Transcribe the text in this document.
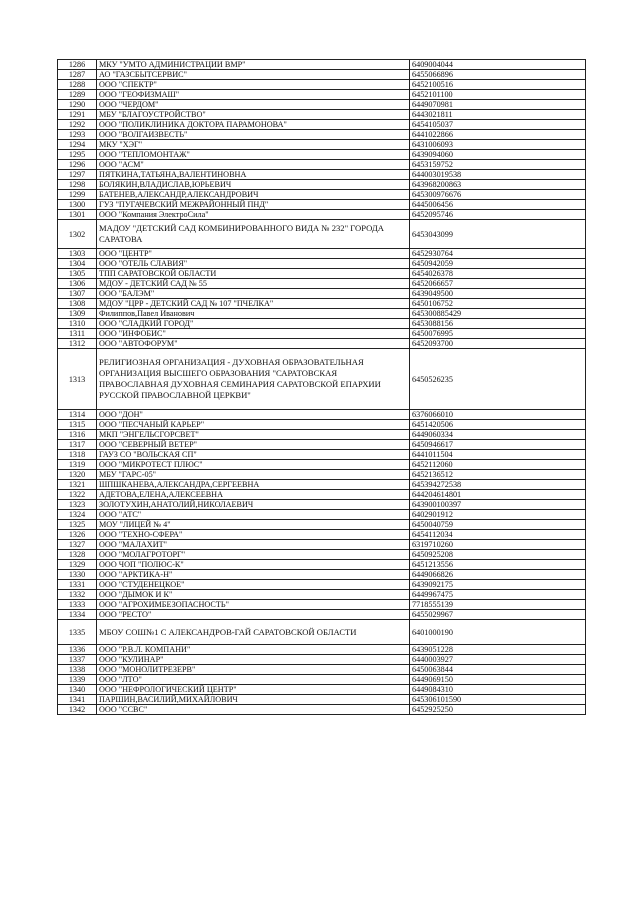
1286	МКУ "УМТО АДМИНИСТРАЦИИ ВМР"	6409004044
1287	АО "ГАЗСБЫТСЕРВИС"	6455066896
1288	ООО "СПЕКТР"	6452100516
1289	ООО "ГЕОФИЗМАШ"	6452101100
1290	ООО "ЧЕРДОМ"	6449070981
1291	МБУ "БЛАГОУСТРОЙСТВО"	6443021811
1292	ООО "ПОЛИКЛИНИКА ДОКТОРА ПАРАМОНОВА"	6454105037
1293	ООО "ВОЛГАИЗВЕСТЬ"	6441022866
1294	МКУ "ХЭГ"	6431006093
1295	ООО "ТЕПЛОМОНТАЖ"	6439094060
1296	ООО "АСМ"	6453159752
1297	ПЯТКИНА,ТАТЬЯНА,ВАЛЕНТИНОВНА	644003019538
1298	БОЛЯКИН,ВЛАДИСЛАВ,ЮРЬЕВИЧ	643968200863
1299	БАТЕНЕВ,АЛЕКСАНДР,АЛЕКСАНДРОВИЧ	645300976676
1300	ГУЗ "ПУГАЧЕВСКИЙ МЕЖРАЙОННЫЙ ПНД"	6445006456
1301	ООО "Компания ЭлектроСила"	6452095746
1302	МАДОУ "ДЕТСКИЙ САД КОМБИНИРОВАННОГО ВИДА № 232" ГОРОДА САРАТОВА	6453043099
1303	ООО "ЦЕНТР"	6452930764
1304	ООО "ОТЕЛЬ СЛАВИЯ"	6450942059
1305	ТПП САРАТОВСКОЙ ОБЛАСТИ	6454026378
1306	МДОУ - ДЕТСКИЙ САД № 55	6452066657
1307	ООО "БАЛЭМ"	6439049500
1308	МДОУ "ЦРР - ДЕТСКИЙ САД № 107 "ПЧЕЛКА"	6450106752
1309	Филиппов,Павел Иванович	645300885429
1310	ООО "СЛАДКИЙ ГОРОД"	6453088156
1311	ООО "ИНФОБИС"	6450076995
1312	ООО "АВТОФОРУМ"	6452093700
1313	РЕЛИГИОЗНАЯ ОРГАНИЗАЦИЯ - ДУХОВНАЯ ОБРАЗОВАТЕЛЬНАЯ ОРГАНИЗАЦИЯ ВЫСШЕГО ОБРАЗОВАНИЯ "САРАТОВСКАЯ ПРАВОСЛАВНАЯ ДУХОВНАЯ СЕМИНАРИЯ САРАТОВСКОЙ ЕПАРХИИ РУССКОЙ ПРАВОСЛАВНОЙ ЦЕРКВИ"	6450526235
1314	ООО "ДОН"	6376066010
1315	ООО "ПЕСЧАНЫЙ КАРЬЕР"	6451420506
1316	МКП "ЭНГЕЛЬСГОРСВЕТ"	6449060334
1317	ООО "СЕВЕРНЫЙ ВЕТЕР"	6450946617
1318	ГАУЗ СО "ВОЛЬСКАЯ СП"	6441011504
1319	ООО "МИКРОТЕСТ ПЛЮС"	6452112060
1320	МБУ "ГАРС-05"	6452136512
1321	ШПШКАНЕВА,АЛЕКСАНДРА,СЕРГЕЕВНА	645394272538
1322	АДЕТОВА,ЕЛЕНА,АЛЕКСЕЕВНА	644204614801
1323	ЗОЛОТУХИН,АНАТОЛИЙ,НИКОЛАЕВИЧ	643900100397
1324	ООО "АТС"	6402901912
1325	МОУ "ЛИЦЕЙ № 4"	6450040759
1326	ООО "ТЕХНО-СФЕРА"	6454112034
1327	ООО "МАЛАХИТ"	6319710260
1328	ООО "МОЛАГРОТОРГ"	6450925208
1329	ООО ЧОП "ПОЛЮС-К"	6451213556
1330	ООО "АРКТИКА-Н"	6449066826
1331	ООО "СТУДЕНЕЦКОЕ"	6439092175
1332	ООО "ДЫМОК И К"	6449967475
1333	ООО "АГРОХИМБЕЗОПАСНОСТЬ"	7718555139
1334	ООО "РЕСТО"	6455029967
1335	МБОУ СОШ№1 С АЛЕКСАНДРОВ-ГАЙ САРАТОВСКОЙ ОБЛАСТИ	6401000190
1336	ООО "Р.В.Л. КОМПАНИ"	6439051228
1337	ООО "КУЛИНАР"	6440003927
1338	ООО "МОНОЛИТРЕЗЕРВ"	6450063844
1339	ООО "ЛТО"	6449069150
1340	ООО "НЕФРОЛОГИЧЕСКИЙ ЦЕНТР"	6449084310
1341	ПАРШИН,ВАСИЛИЙ,МИХАЙЛОВИЧ	645306101590
1342	ООО "ССВС"	6452925250
